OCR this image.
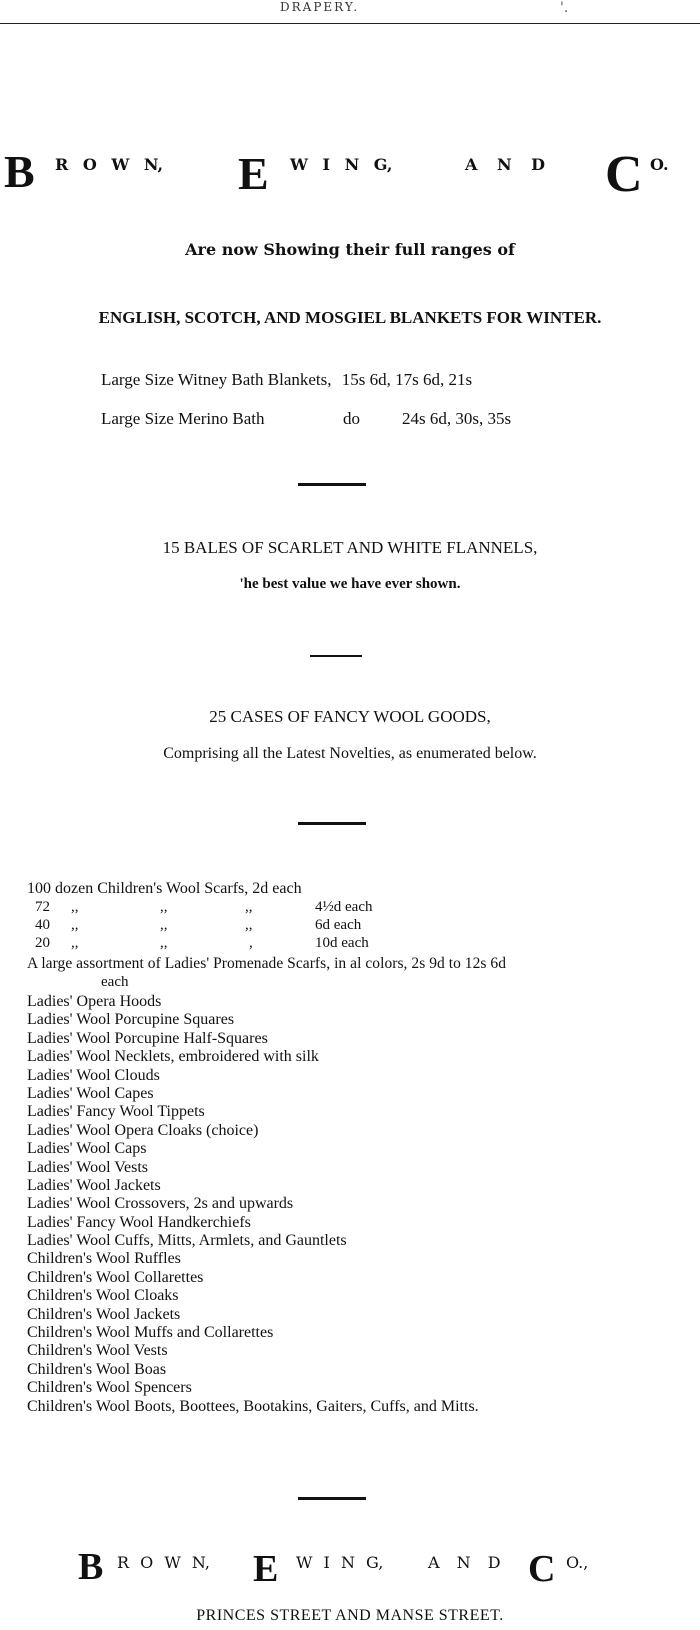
DRAPERY.	'.
B R O W N, E W I N G,	A N D C O.
Are now Showing their full ranges of
ENGLISH, SCOTCH, AND MOSGIEL BLANKETS FOR WINTER.
Large Size Witney Bath Blankets, 15s 6d, 17s 6d, 21s
Large Size Merino Bath	do 24s 6d, 30s, 35s
15 BALES OF SCARLET AND WHITE FLANNELS,
'he best value we have ever shown.
25 CASES OF FANCY WOOL GOODS,
Comprising all the Latest Novelties, as enumerated below.
100 dozen Children's Wool Scarfs, 2d each
72 ,,	,,	,,	4½d each
40 ,,	,,	,,	6d each
20 ,,	,,	,	10d each
A large assortment of Ladies' Promenade Scarfs, in al colors, 2s 9d to 12s 6d
each
Ladies' Opera Hoods
Ladies' Wool Porcupine Squares
Ladies' Wool Porcupine Half-Squares
Ladies' Wool Necklets, embroidered with silk
Ladies' Wool Clouds
Ladies' Wool Capes
Ladies' Fancy Wool Tippets
Ladies' Wool Opera Cloaks (choice)
Ladies' Wool Caps
Ladies' Wool Vests
Ladies' Wool Jackets
Ladies' Wool Crossovers, 2s and upwards
Ladies' Fancy Wool Handkerchiefs
Ladies' Wool Cuffs, Mitts, Armlets, and Gauntlets
Children's Wool Ruffles
Children's Wool Collarettes
Children's Wool Cloaks
Children's Wool Jackets
Children's Wool Muffs and Collarettes
Children's Wool Vests
Children's Wool Boas
Children's Wool Spencers
Children's Wool Boots, Boottees, Bootakins, Gaiters, Cuffs, and Mitts.
B R O W N, E W I N G,	A N D C O.,
PRINCES STREET AND MANSE STREET.
